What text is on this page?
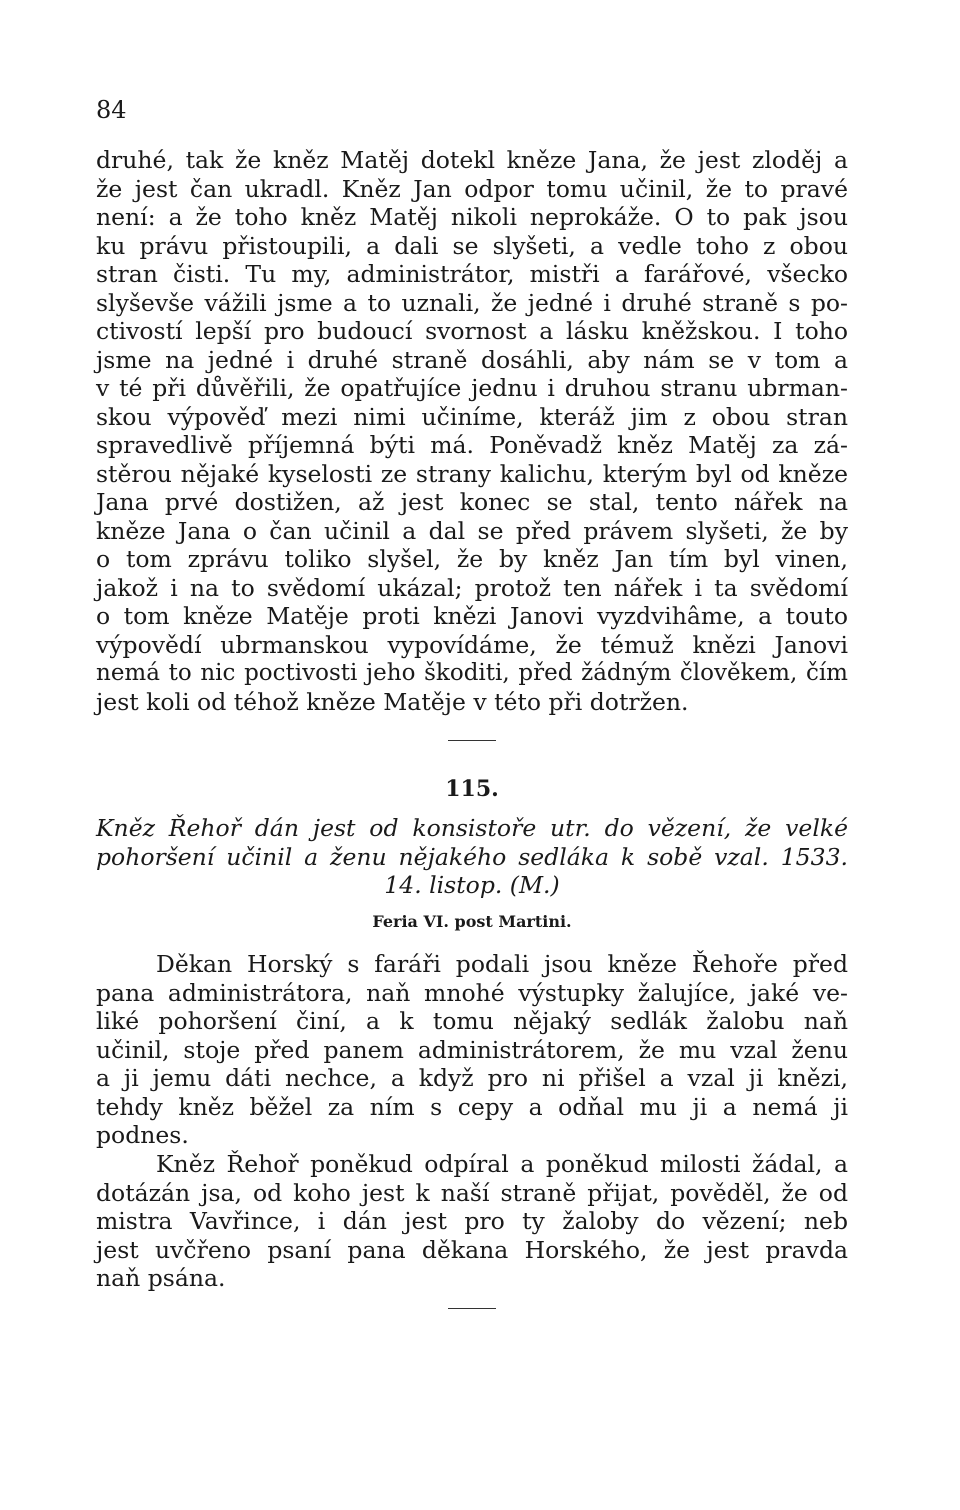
84
druhé, tak že kněz Matěj dotekl kněze Jana, že jest zloděj a
že jest čan ukradl. Kněz Jan odpor tomu učinil, že to pravé
není: a že toho kněz Matěj nikoli neprokáže. O to pak jsou
ku právu přistoupili, a dali se slyšeti, a vedle toho z obou
stran čisti. Tu my, administrátor, mistři a farářové, všecko
slyševše vážili jsme a to uznali, že jedné i druhé straně s po-
ctivostí lepší pro budoucí svornost a lásku kněžskou. I toho
jsme na jedné i druhé straně dosáhli, aby nám se v tom a
v té při důvěřili, že opatřujíce jednu i druhou stranu ubrman-
skou výpověď mezi nimi učiníme, kteráž jim z obou stran
spravedlivě příjemná býti má. Poněvadž kněz Matěj za zá-
stěrou nějaké kyselosti ze strany kalichu, kterým byl od kněze
Jana prvé dostižen, až jest konec se stal, tento nářek na
kněze Jana o čan učinil a dal se před právem slyšeti, že by
o tom zprávu toliko slyšel, že by kněz Jan tím byl vinen,
jakož i na to svědomí ukázal; protož ten nářek i ta svědomí
o tom kněze Matěje proti knězi Janovi vyzdvihâme, a touto
výpovědí ubrmanskou vypovídáme, že témuž knězi Janovi
nemá to nic poctivosti jeho škoditi, před žádným člověkem, čím
jest koli od téhož kněze Matěje v této při dotržen.
115.
Kněz Řehoř dán jest od konsistoře utr. do vězení, že velké
pohoršení učinil a ženu nějakého sedláka k sobě vzal. 1533.
14. listop. (M.)
Feria VI. post Martini.
Děkan Horský s faráři podali jsou kněze Řehoře před
pana administrátora, naň mnohé výstupky žalujíce, jaké ve-
liké pohoršení činí, a k tomu nějaký sedlák žalobu naň
učinil, stoje před panem administrátorem, že mu vzal ženu
a ji jemu dáti nechce, a když pro ni přišel a vzal ji knězi,
tehdy kněz běžel za ním s cepy a odňal mu ji a nemá ji
podnes.
Kněz Řehoř poněkud odpíral a poněkud milosti žádal, a
dotázán jsa, od koho jest k naší straně přijat, pověděl, že od
mistra Vavřince, i dán jest pro ty žaloby do vězení; neb
jest uvčřeno psaní pana děkana Horského, že jest pravda
naň psána.
